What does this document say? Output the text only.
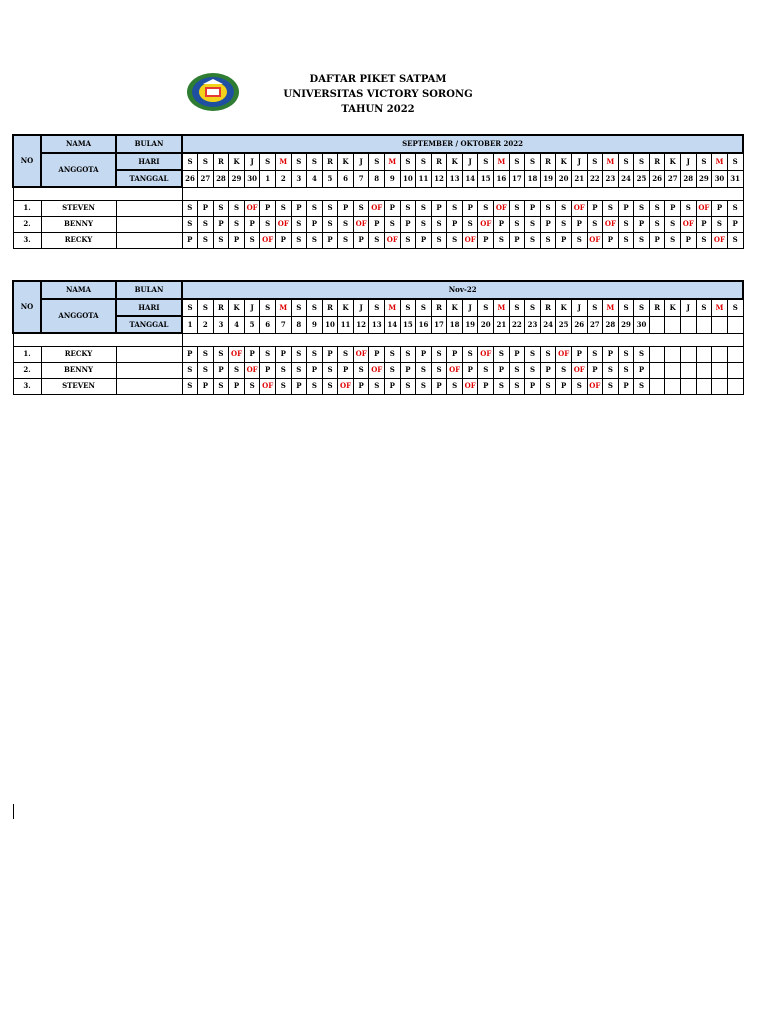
DAFTAR PIKET SATPAM
UNIVERSITAS VICTORY SORONG
TAHUN 2022
NO	NAMA	BULAN	SEPTEMBER / OKTOBER 2022																																			
	ANGGOTA	HARI	S	S	R	K	J	S	M	S	S	R	K	J	S	M	S	S	R	K	J	S	M	S	S	R	K	J	S	M	S	S	R	K	J	S	M	S
		TANGGAL	26	27	28	29	30	1	2	3	4	5	6	7	8	9	10	11	12	13	14	15	16	17	18	19	20	21	22	23	24	25	26	27	28	29	30	31

1.	STEVEN		S	P	S	S	OF	P	S	P	S	S	P	S	OF	P	S	S	P	S	P	S	OF	S	P	S	S	OF	P	S	P	S	S	P	S	OF	P	S
2.	BENNY		S	S	P	S	P	S	OF	S	P	S	S	OF	P	S	P	S	S	P	S	OF	P	S	S	P	S	P	S	OF	S	P	S	S	OF	P	S	P
3.	RECKY		P	S	S	P	S	OF	P	S	S	P	S	P	S	OF	S	P	S	S	OF	P	S	P	S	S	P	S	OF	P	S	S	P	S	P	S	OF	S
NO	NAMA	BULAN	Nov-22																																			
	ANGGOTA	HARI	S	S	R	K	J	S	M	S	S	R	K	J	S	M	S	S	R	K	J	S	M	S	S	R	K	J	S	M	S	S	R	K	J	S	M	S
		TANGGAL	1	2	3	4	5	6	7	8	9	10	11	12	13	14	15	16	17	18	19	20	21	22	23	24	25	26	27	28	29	30						

1.	RECKY		P	S	S	OF	P	S	P	S	S	P	S	OF	P	S	S	P	S	P	S	OF	S	P	S	S	OF	P	S	P	S	S						
2.	BENNY		S	S	P	S	OF	P	S	S	P	S	P	S	OF	S	P	S	S	OF	P	S	P	S	S	P	S	OF	P	S	S	P						
3.	STEVEN		S	P	S	P	S	OF	S	P	S	S	OF	P	S	P	S	S	P	S	OF	P	S	S	P	S	P	S	OF	S	P	S						
